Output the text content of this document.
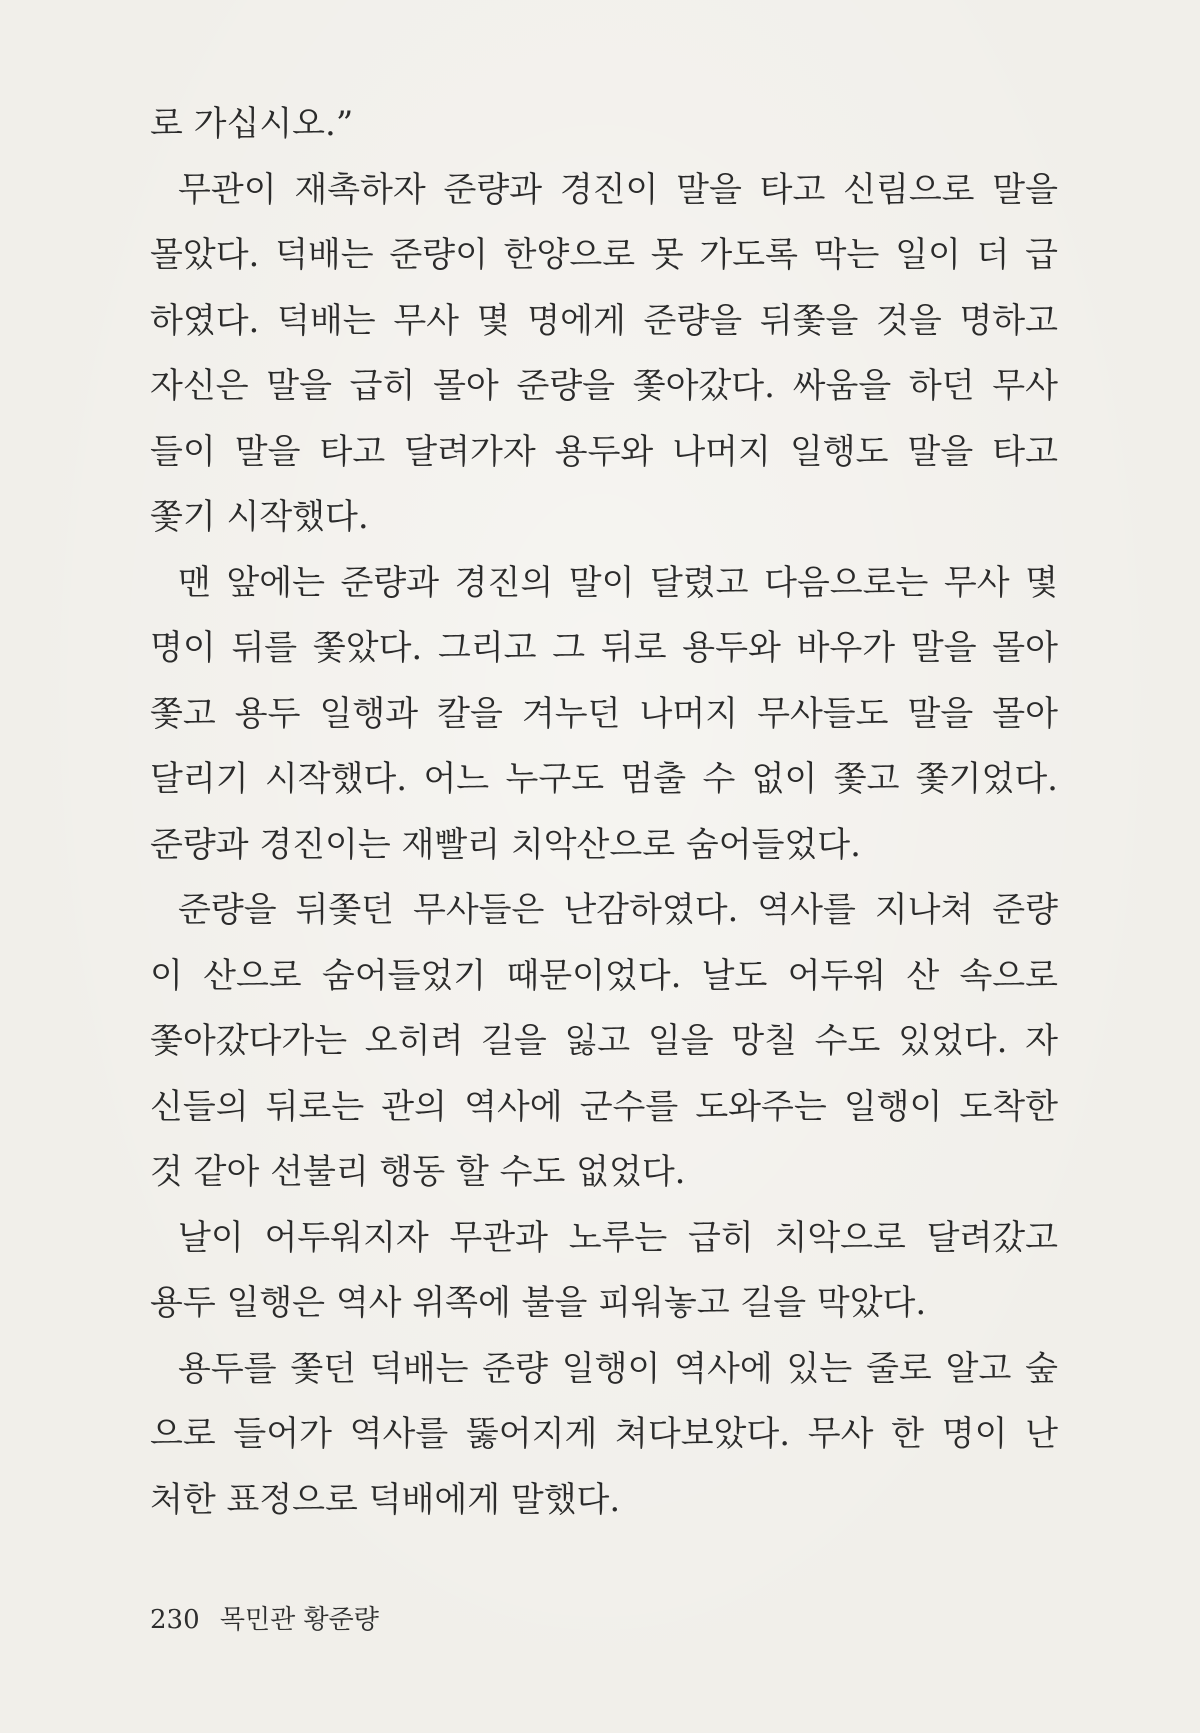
로 가십시오.”
무관이 재촉하자 준량과 경진이 말을 타고 신림으로 말을
몰았다. 덕배는 준량이 한양으로 못 가도록 막는 일이 더 급
하였다. 덕배는 무사 몇 명에게 준량을 뒤쫓을 것을 명하고
자신은 말을 급히 몰아 준량을 쫓아갔다. 싸움을 하던 무사
들이 말을 타고 달려가자 용두와 나머지 일행도 말을 타고
쫓기 시작했다.
맨 앞에는 준량과 경진의 말이 달렸고 다음으로는 무사 몇
명이 뒤를 쫓았다. 그리고 그 뒤로 용두와 바우가 말을 몰아
쫓고 용두 일행과 칼을 겨누던 나머지 무사들도 말을 몰아
달리기 시작했다. 어느 누구도 멈출 수 없이 쫓고 쫓기었다.
준량과 경진이는 재빨리 치악산으로 숨어들었다.
준량을 뒤쫓던 무사들은 난감하였다. 역사를 지나쳐 준량
이 산으로 숨어들었기 때문이었다. 날도 어두워 산 속으로
쫓아갔다가는 오히려 길을 잃고 일을 망칠 수도 있었다. 자
신들의 뒤로는 관의 역사에 군수를 도와주는 일행이 도착한
것 같아 선불리 행동 할 수도 없었다.
날이 어두워지자 무관과 노루는 급히 치악으로 달려갔고
용두 일행은 역사 위쪽에 불을 피워놓고 길을 막았다.
용두를 쫓던 덕배는 준량 일행이 역사에 있는 줄로 알고 숲
으로 들어가 역사를 뚫어지게 쳐다보았다. 무사 한 명이 난
처한 표정으로 덕배에게 말했다.
230 목민관 황준량
